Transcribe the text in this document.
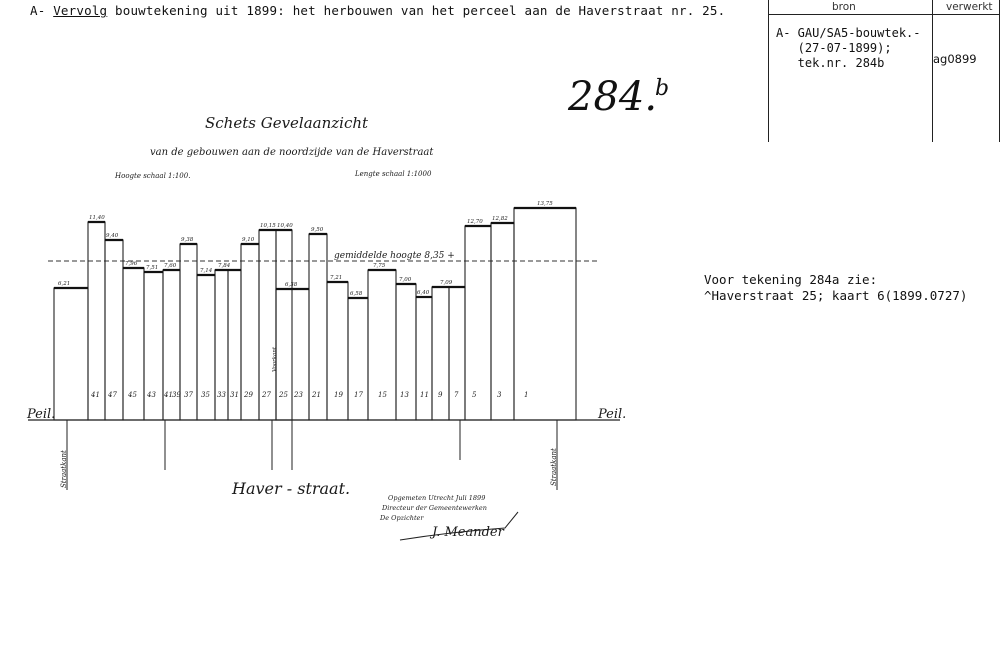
A- Vervolg bouwtekening uit 1899: het herbouwen van het perceel aan de Haverstraat nr. 25.	bron	verwerkt
A- GAU/SA5-bouwtek.-
(27-07-1899);
tek.nr. 284b	ag0899
Voor tekening 284a zie:
^Haverstraat 25; kaart 6(1899.0727)
284.
b
Schets Gevelaanzicht
van de gebouwen aan de noordzijde van de Haverstraat
Hoogte schaal 1:100.	Lengte schaal 1:1000
Peil.	Peil.
gemiddelde hoogte 8,35 +
6,21
11,40
9,40
7,96
7,51 7,60
9,38
7,14
7,84
9,10
10,15 10,40
6,38
9,50
7,21
6,58
7,75
7,00
6,40
7,09
12,70 12,82
13,75
41 47 45 43 41 39 37 35 33 31 29 27 25 23 21 19 17 15 13 11 9 7 5	3	1
Voorkant
Straatkant	Straatkant
Haver - straat.	Opgemeten Utrecht Juli 1899
Directeur der Gemeentewerken
De Opzichter
J. Meander
